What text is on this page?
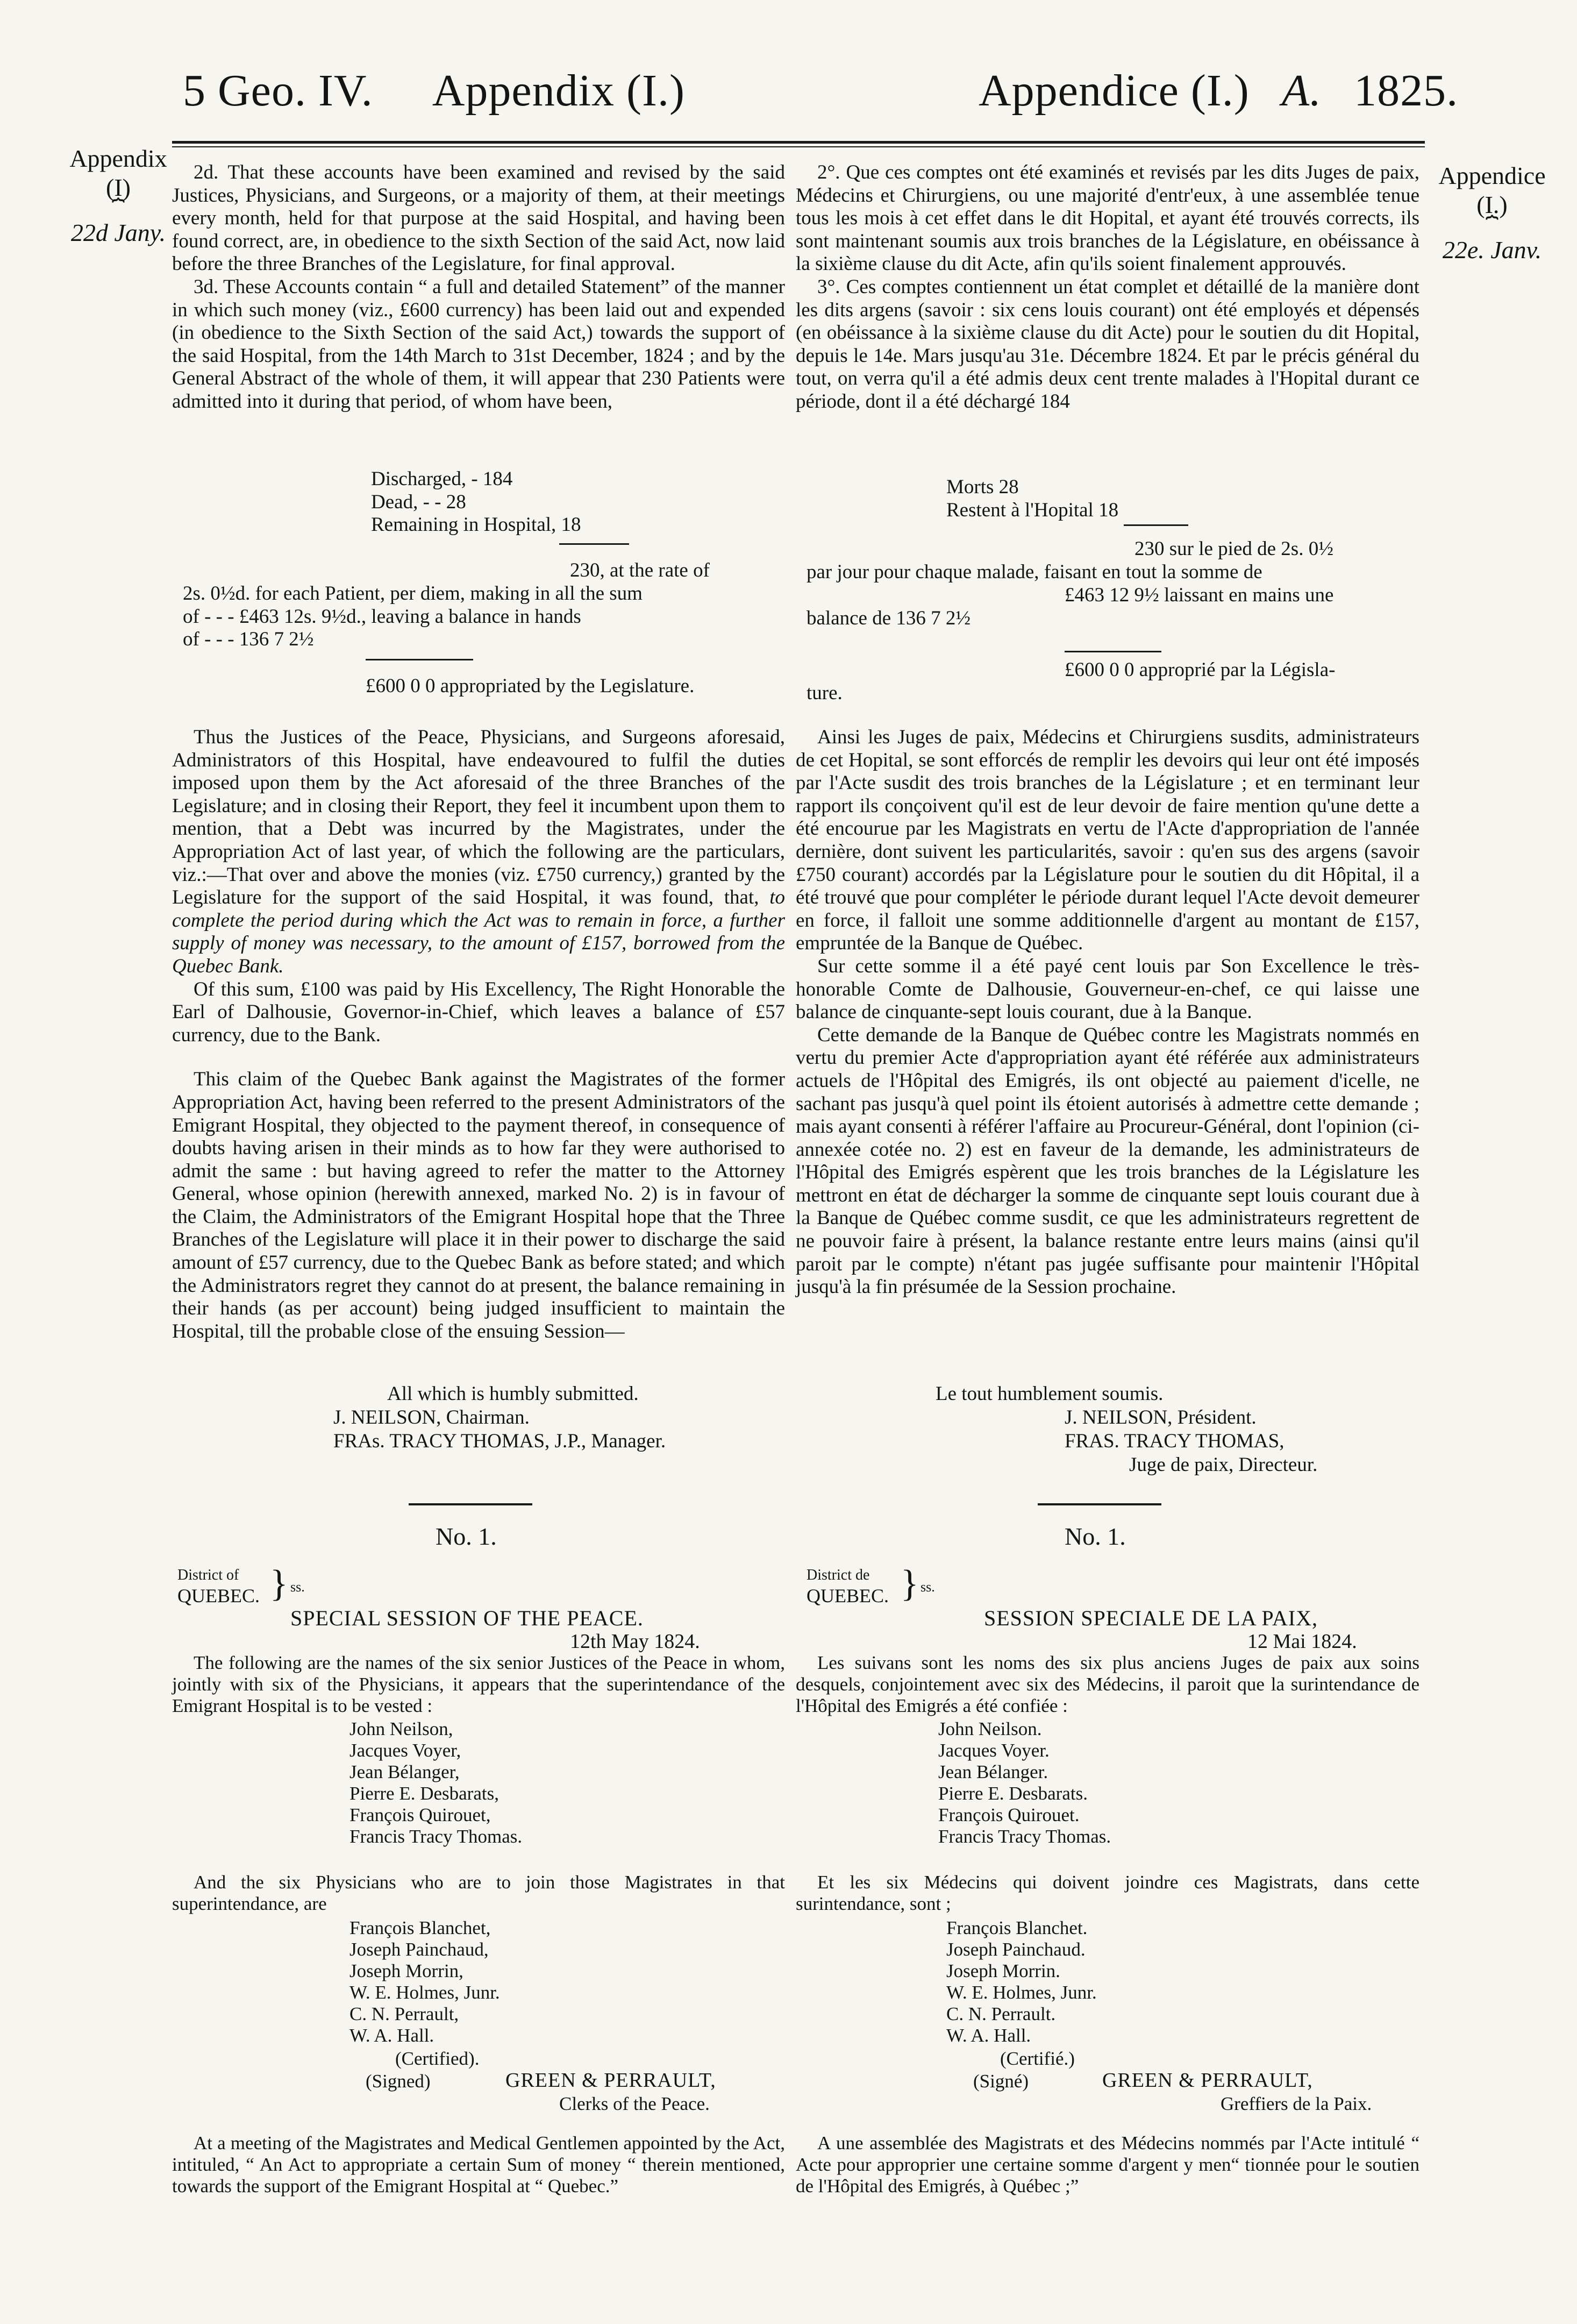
5 Geo. IV. Appendix (I.)	Appendice (I.) A. 1825.
Appendix
(I)
⏞
22d Jany.
Appendice
(I.)
⏞
22e. Janv.

2d. That these accounts have been examined and revised by the said Justices, Physicians, and Surgeons, or a majority of them, at their meetings every month, held for that purpose at the said Hospital, and having been found correct, are, in obedience to the sixth Section of the said Act, now laid before the three Branches of the Legislature, for final approval.

3d. These Accounts contain “ a full and detailed Statement” of the manner in which such money (viz., £600 currency) has been laid out and expended (in obedience to the Sixth Section of the said Act,) towards the support of the said Hospital, from the 14th March to 31st December, 1824 ; and by the General Abstract of the whole of them, it will appear that 230 Patients were admitted into it during that period, of whom have been,

Discharged, - 184
Dead, - - 28
Remaining in Hospital, 18
230, at the rate of
2s. 0½d. for each Patient, per diem, making in all the sum
of - - - £463 12s. 9½d., leaving a balance in hands
of - - - 136 7 2½
£600 0 0 appropriated by the Legislature.

Thus the Justices of the Peace, Physicians, and Surgeons aforesaid, Administrators of this Hospital, have endeavoured to fulfil the duties imposed upon them by the Act aforesaid of the three Branches of the Legislature; and in closing their Report, they feel it incumbent upon them to mention, that a Debt was incurred by the Magistrates, under the Appropriation Act of last year, of which the following are the particulars, viz.:—That over and above the monies (viz. £750 currency,) granted by the Legislature for the support of the said Hospital, it was found, that, to complete the period during which the Act was to remain in force, a further supply of money was necessary, to the amount of £157, borrowed from the Quebec Bank.

Of this sum, £100 was paid by His Excellency, The Right Honorable the Earl of Dalhousie, Governor-in-Chief, which leaves a balance of £57 currency, due to the Bank.

This claim of the Quebec Bank against the Magistrates of the former Appropriation Act, having been referred to the present Administrators of the Emigrant Hospital, they objected to the payment thereof, in consequence of doubts having arisen in their minds as to how far they were authorised to admit the same : but having agreed to refer the matter to the Attorney General, whose opinion (herewith annexed, marked No. 2) is in favour of the Claim, the Administrators of the Emigrant Hospital hope that the Three Branches of the Legislature will place it in their power to discharge the said amount of £57 currency, due to the Quebec Bank as before stated; and which the Administrators regret they cannot do at present, the balance remaining in their hands (as per account) being judged insufficient to maintain the Hospital, till the probable close of the ensuing Session—

All which is humbly submitted.
J. NEILSON, Chairman.
FRAs. TRACY THOMAS, J.P., Manager.

2°. Que ces comptes ont été examinés et revisés par les dits Juges de paix, Médecins et Chirurgiens, ou une majorité d'entr'eux, à une assemblée tenue tous les mois à cet effet dans le dit Hopital, et ayant été trouvés corrects, ils sont maintenant soumis aux trois branches de la Législature, en obéissance à la sixième clause du dit Acte, afin qu'ils soient finalement approuvés.

3°. Ces comptes contiennent un état complet et détaillé de la manière dont les dits argens (savoir : six cens louis courant) ont été employés et dépensés (en obéissance à la sixième clause du dit Acte) pour le soutien du dit Hopital, depuis le 14e. Mars jusqu'au 31e. Décembre 1824. Et par le précis général du tout, on verra qu'il a été admis deux cent trente malades à l'Hopital durant ce période, dont il a été déchargé 184

Morts 28
Restent à l'Hopital 18
230 sur le pied de 2s. 0½
par jour pour chaque malade, faisant en tout la somme de
£463 12 9½ laissant en mains une
balance de 136 7 2½
£600 0 0 approprié par la Législa-
ture.

Ainsi les Juges de paix, Médecins et Chirurgiens susdits, administrateurs de cet Hopital, se sont efforcés de remplir les devoirs qui leur ont été imposés par l'Acte susdit des trois branches de la Législature ; et en terminant leur rapport ils conçoivent qu'il est de leur devoir de faire mention qu'une dette a été encourue par les Magistrats en vertu de l'Acte d'appropriation de l'année dernière, dont suivent les particularités, savoir : qu'en sus des argens (savoir £750 courant) accordés par la Législature pour le soutien du dit Hôpital, il a été trouvé que pour compléter le période durant lequel l'Acte devoit demeurer en force, il falloit une somme additionnelle d'argent au montant de £157, empruntée de la Banque de Québec.

Sur cette somme il a été payé cent louis par Son Excellence le très-honorable Comte de Dalhousie, Gouverneur-en-chef, ce qui laisse une balance de cinquante-sept louis courant, due à la Banque.

Cette demande de la Banque de Québec contre les Magistrats nommés en vertu du premier Acte d'appropriation ayant été référée aux administrateurs actuels de l'Hôpital des Emigrés, ils ont objecté au paiement d'icelle, ne sachant pas jusqu'à quel point ils étoient autorisés à admettre cette demande ; mais ayant consenti à référer l'affaire au Procureur-Général, dont l'opinion (ci-annexée cotée no. 2) est en faveur de la demande, les administrateurs de l'Hôpital des Emigrés espèrent que les trois branches de la Législature les mettront en état de décharger la somme de cinquante sept louis courant due à la Banque de Québec comme susdit, ce que les administrateurs regrettent de ne pouvoir faire à présent, la balance restante entre leurs mains (ainsi qu'il paroit par le compte) n'étant pas jugée suffisante pour maintenir l'Hôpital jusqu'à la fin présumée de la Session prochaine.

Le tout humblement soumis.
J. NEILSON, Président.
FRAS. TRACY THOMAS,
Juge de paix, Directeur.
No. 1.	No. 1.
District of
QUEBEC. } ss.
District de
QUEBEC. } ss.
SPECIAL SESSION OF THE PEACE.	SESSION SPECIALE DE LA PAIX,
12th May 1824.	12 Mai 1824.

The following are the names of the six senior Justices of the Peace in whom, jointly with six of the Physicians, it appears that the superintendance of the Emigrant Hospital is to be vested :

Les suivans sont les noms des six plus anciens Juges de paix aux soins desquels, conjointement avec six des Médecins, il paroit que la surintendance de l'Hôpital des Emigrés a été confiée :

John Neilson,
Jacques Voyer,
Jean Bélanger,
Pierre E. Desbarats,
François Quirouet,
Francis Tracy Thomas.
John Neilson.
Jacques Voyer.
Jean Bélanger.
Pierre E. Desbarats.
François Quirouet.
Francis Tracy Thomas.

And the six Physicians who are to join those Magistrates in that superintendance, are

Et les six Médecins qui doivent joindre ces Magistrats, dans cette surintendance, sont ;

François Blanchet,
Joseph Painchaud,
Joseph Morrin,
W. E. Holmes, Junr.
C. N. Perrault,
W. A. Hall.
François Blanchet.
Joseph Painchaud.
Joseph Morrin.
W. E. Holmes, Junr.
C. N. Perrault.
W. A. Hall.
(Certified).	(Certifié.)
(Signed)	GREEN & PERRAULT,	(Signé)	GREEN & PERRAULT,
Clerks of the Peace.	Greffiers de la Paix.

At a meeting of the Magistrates and Medical Gentlemen appointed by the Act, intituled, “ An Act to appropriate a certain Sum of money “ therein mentioned, towards the support of the Emigrant Hospital at “ Quebec.”

A une assemblée des Magistrats et des Médecins nommés par l'Acte intitulé “ Acte pour approprier une certaine somme d'argent y men“ tionnée pour le soutien de l'Hôpital des Emigrés, à Québec ;”
